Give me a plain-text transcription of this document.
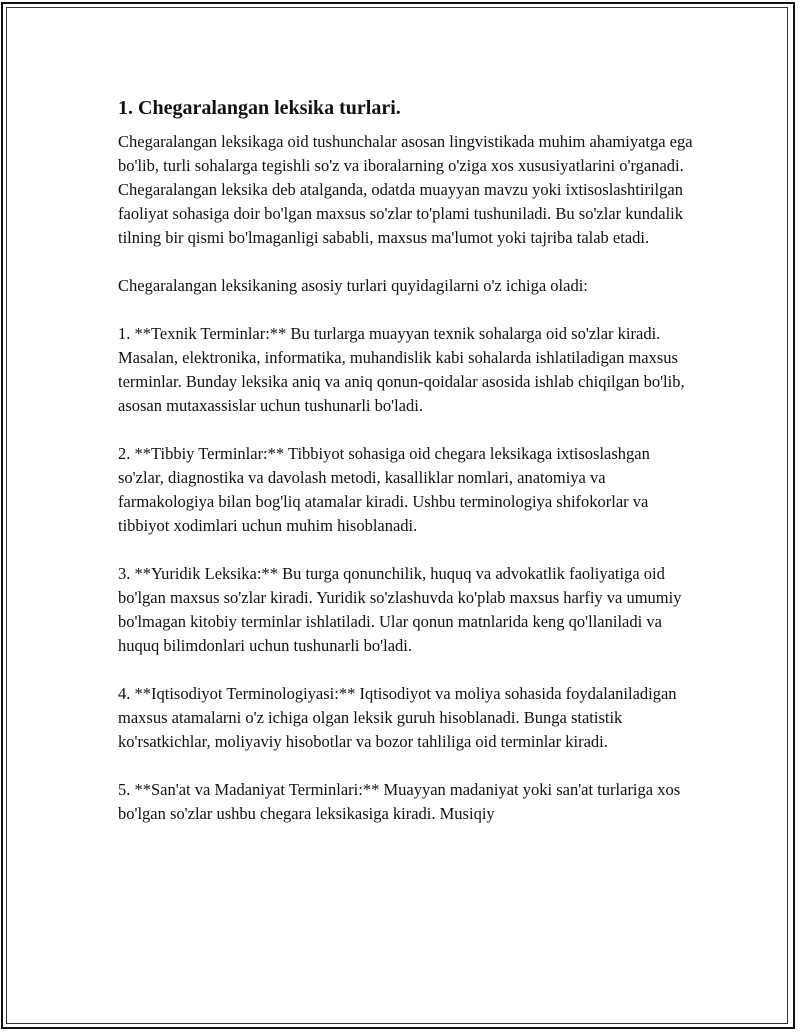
1. Chegaralangan leksika turlari.

Chegaralangan leksikaga oid tushunchalar asosan lingvistikada muhim ahamiyatga ega bo'lib, turli sohalarga tegishli so'z va iboralarning o'ziga xos xususiyatlarini o'rganadi. Chegaralangan leksika deb atalganda, odatda muayyan mavzu yoki ixtisoslashtirilgan faoliyat sohasiga doir bo'lgan maxsus so'zlar to'plami tushuniladi. Bu so'zlar kundalik tilning bir qismi bo'lmaganligi sababli, maxsus ma'lumot yoki tajriba talab etadi.

Chegaralangan leksikaning asosiy turlari quyidagilarni o'z ichiga oladi:

1. **Texnik Terminlar:** Bu turlarga muayyan texnik sohalarga oid so'zlar kiradi. Masalan, elektronika, informatika, muhandislik kabi sohalarda ishlatiladigan maxsus terminlar. Bunday leksika aniq va aniq qonun-qoidalar asosida ishlab chiqilgan bo'lib, asosan mutaxassislar uchun tushunarli bo'ladi.

2. **Tibbiy Terminlar:** Tibbiyot sohasiga oid chegara leksikaga ixtisoslashgan so'zlar, diagnostika va davolash metodi, kasalliklar nomlari, anatomiya va farmakologiya bilan bog'liq atamalar kiradi. Ushbu terminologiya shifokorlar va tibbiyot xodimlari uchun muhim hisoblanadi.

3. **Yuridik Leksika:** Bu turga qonunchilik, huquq va advokatlik faoliyatiga oid bo'lgan maxsus so'zlar kiradi. Yuridik so'zlashuvda ko'plab maxsus harfiy va umumiy bo'lmagan kitobiy terminlar ishlatiladi. Ular qonun matnlarida keng qo'llaniladi va huquq bilimdonlari uchun tushunarli bo'ladi.

4. **Iqtisodiyot Terminologiyasi:** Iqtisodiyot va moliya sohasida foydalaniladigan maxsus atamalarni o'z ichiga olgan leksik guruh hisoblanadi. Bunga statistik ko'rsatkichlar, moliyaviy hisobotlar va bozor tahliliga oid terminlar kiradi.

5. **San'at va Madaniyat Terminlari:** Muayyan madaniyat yoki san'at turlariga xos bo'lgan so'zlar ushbu chegara leksikasiga kiradi. Musiqiy
